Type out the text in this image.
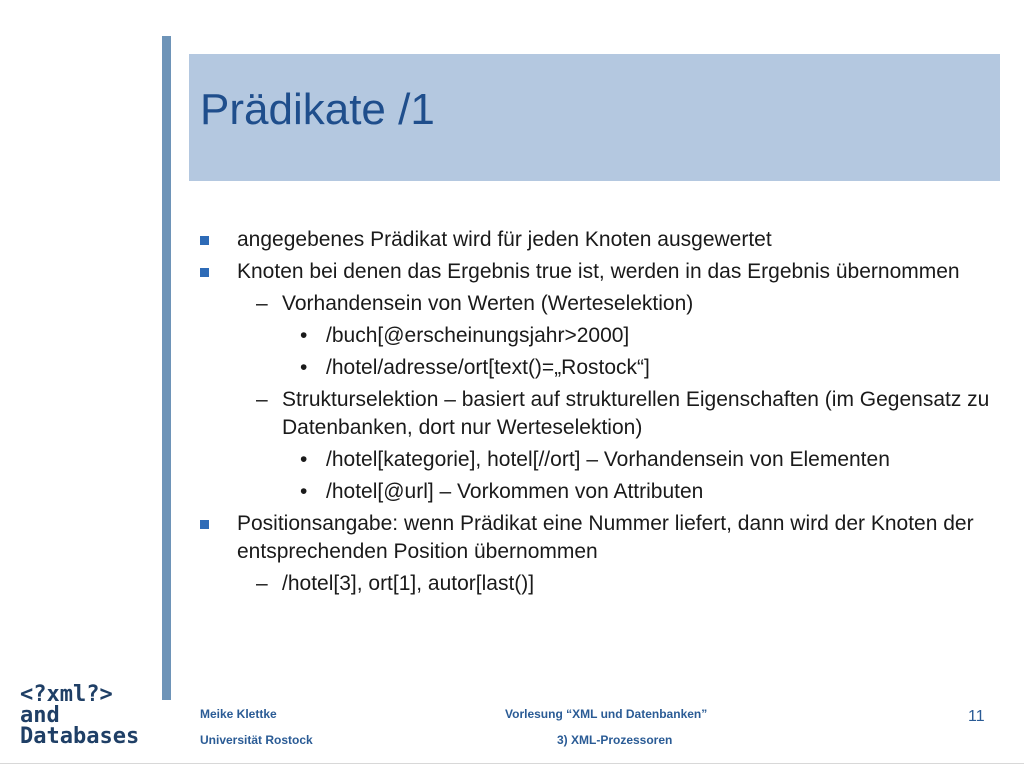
Prädikate /1
angegebenes Prädikat wird für jeden Knoten ausgewertet
Knoten bei denen das Ergebnis true ist, werden in das Ergebnis übernommen
– Vorhandensein von Werten (Werteselektion)
• /buch[@erscheinungsjahr>2000]
• /hotel/adresse/ort[text()=„Rostock“]
– Strukturselektion – basiert auf strukturellen Eigenschaften (im Gegensatz zu Datenbanken, dort nur Werteselektion)
• /hotel[kategorie], hotel[//ort] – Vorhandensein von Elementen
• /hotel[@url] – Vorkommen von Attributen
Positionsangabe: wenn Prädikat eine Nummer liefert, dann wird der Knoten der entsprechenden Position übernommen
– /hotel[3], ort[1], autor[last()]
<?xml?>
and
Databases
Meike Klettke
Universität Rostock
Vorlesung “XML und Datenbanken”
3) XML-Prozessoren
11
